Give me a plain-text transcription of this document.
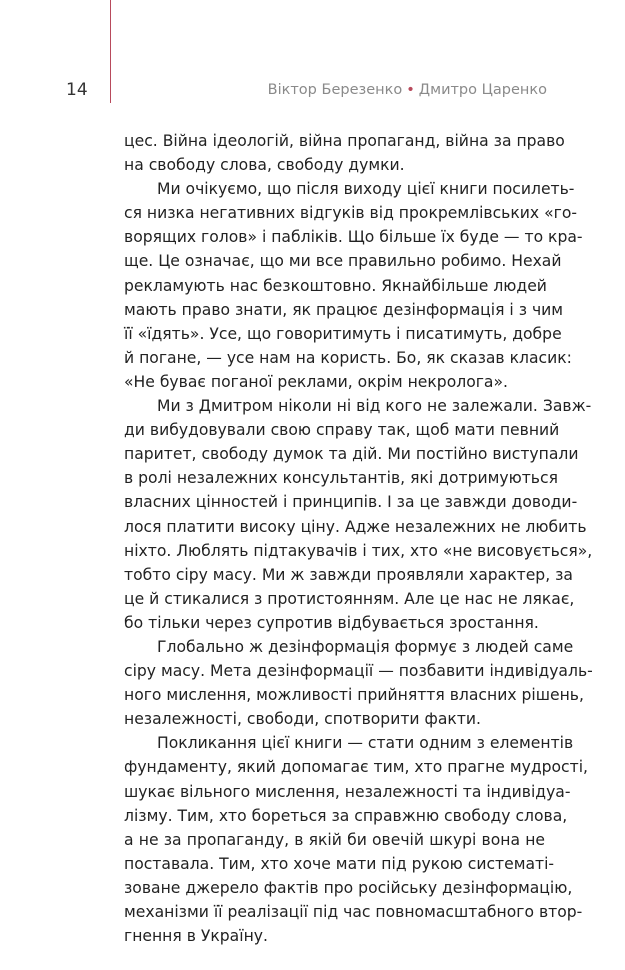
14	Віктор Березенко • Дмитро Царенко
цес. Війна ідеологій, війна пропаганд, війна за право
на свободу слова, свободу думки.
Ми очікуємо, що після виходу цієї книги посилеть-
ся низка негативних відгуків від прокремлівських «го-
ворящих голов» і пабліків. Що більше їх буде — то кра-
ще. Це означає, що ми все правильно робимо. Нехай
рекламують нас безкоштовно. Якнайбільше людей
мають право знати, як працює дезінформація і з чим
її «їдять». Усе, що говоритимуть і писатимуть, добре
й погане, — усе нам на користь. Бо, як сказав класик:
«Не буває поганої реклами, окрім некролога».
Ми з Дмитром ніколи ні від кого не залежали. Завж-
ди вибудовували свою справу так, щоб мати певний
паритет, свободу думок та дій. Ми постійно виступали
в ролі незалежних консультантів, які дотримуються
власних цінностей і принципів. І за це завжди доводи-
лося платити високу ціну. Адже незалежних не любить
ніхто. Люблять підтакувачів і тих, хто «не висовується»,
тобто сіру масу. Ми ж завжди проявляли характер, за
це й стикалися з протистоянням. Але це нас не лякає,
бо тільки через супротив відбувається зростання.
Глобально ж дезінформація формує з людей саме
сіру масу. Мета дезінформації — позбавити індивідуаль-
ного мислення, можливості прийняття власних рішень,
незалежності, свободи, спотворити факти.
Покликання цієї книги — стати одним з елементів
фундаменту, який допомагає тим, хто прагне мудрості,
шукає вільного мислення, незалежності та індивідуа-
лізму. Тим, хто бореться за справжню свободу слова,
а не за пропаганду, в якій би овечій шкурі вона не
поставала. Тим, хто хоче мати під рукою систематі-
зоване джерело фактів про російську дезінформацію,
механізми її реалізації під час повномасштабного втор-
гнення в Україну.
